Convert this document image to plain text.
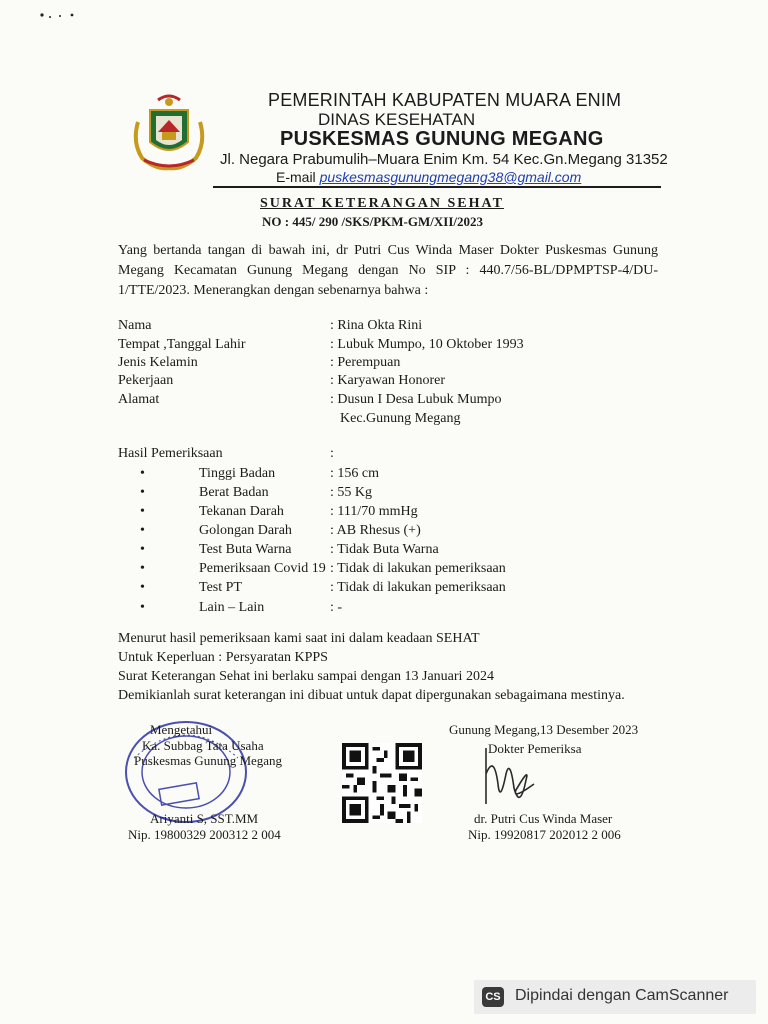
PEMERINTAH KABUPATEN MUARA ENIM
DINAS KESEHATAN
PUSKESMAS GUNUNG MEGANG
Jl. Negara Prabumulih–Muara Enim Km. 54 Kec.Gn.Megang 31352
E-mail puskesmasgunungmegang38@gmail.com
SURAT KETERANGAN SEHAT
NO : 445/ 290 /SKS/PKM-GM/XII/2023
Yang bertanda tangan di bawah ini, dr Putri Cus Winda Maser Dokter Puskesmas Gunung Megang Kecamatan Gunung Megang dengan No SIP : 440.7/56-BL/DPMPTSP-4/DU-1/TTE/2023. Menerangkan dengan sebenarnya bahwa :
Nama	: Rina Okta Rini
Tempat ,Tanggal Lahir	: Lubuk Mumpo, 10 Oktober 1993
Jenis Kelamin	: Perempuan
Pekerjaan	: Karyawan Honorer
Alamat	: Dusun I Desa Lubuk Mumpo
Kec.Gunung Megang
Hasil Pemeriksaan	:
•	Tinggi Badan	: 156 cm
•	Berat Badan	: 55 Kg
•	Tekanan Darah	: 111/70 mmHg
•	Golongan Darah	: AB Rhesus (+)
•	Test Buta Warna	: Tidak Buta Warna
•	Pemeriksaan Covid 19 : Tidak di lakukan pemeriksaan
•	Test PT	: Tidak di lakukan pemeriksaan
•	Lain – Lain	: -
Menurut hasil pemeriksaan kami saat ini dalam keadaan SEHAT
Untuk Keperluan : Persyaratan KPPS
Surat Keterangan Sehat ini berlaku sampai dengan 13 Januari 2024
Demikianlah surat keterangan ini dibuat untuk dapat dipergunakan sebagaimana mestinya.
Mengetahui
Ka. Subbag Tata Usaha
Puskesmas Gunung Megang
Ariyanti S, SST.MM
Nip. 19800329 200312 2 004
Gunung Megang,13 Desember 2023
Dokter Pemeriksa
dr. Putri Cus Winda Maser
Nip. 19920817 202012 2 006
CS Dipindai dengan CamScanner
